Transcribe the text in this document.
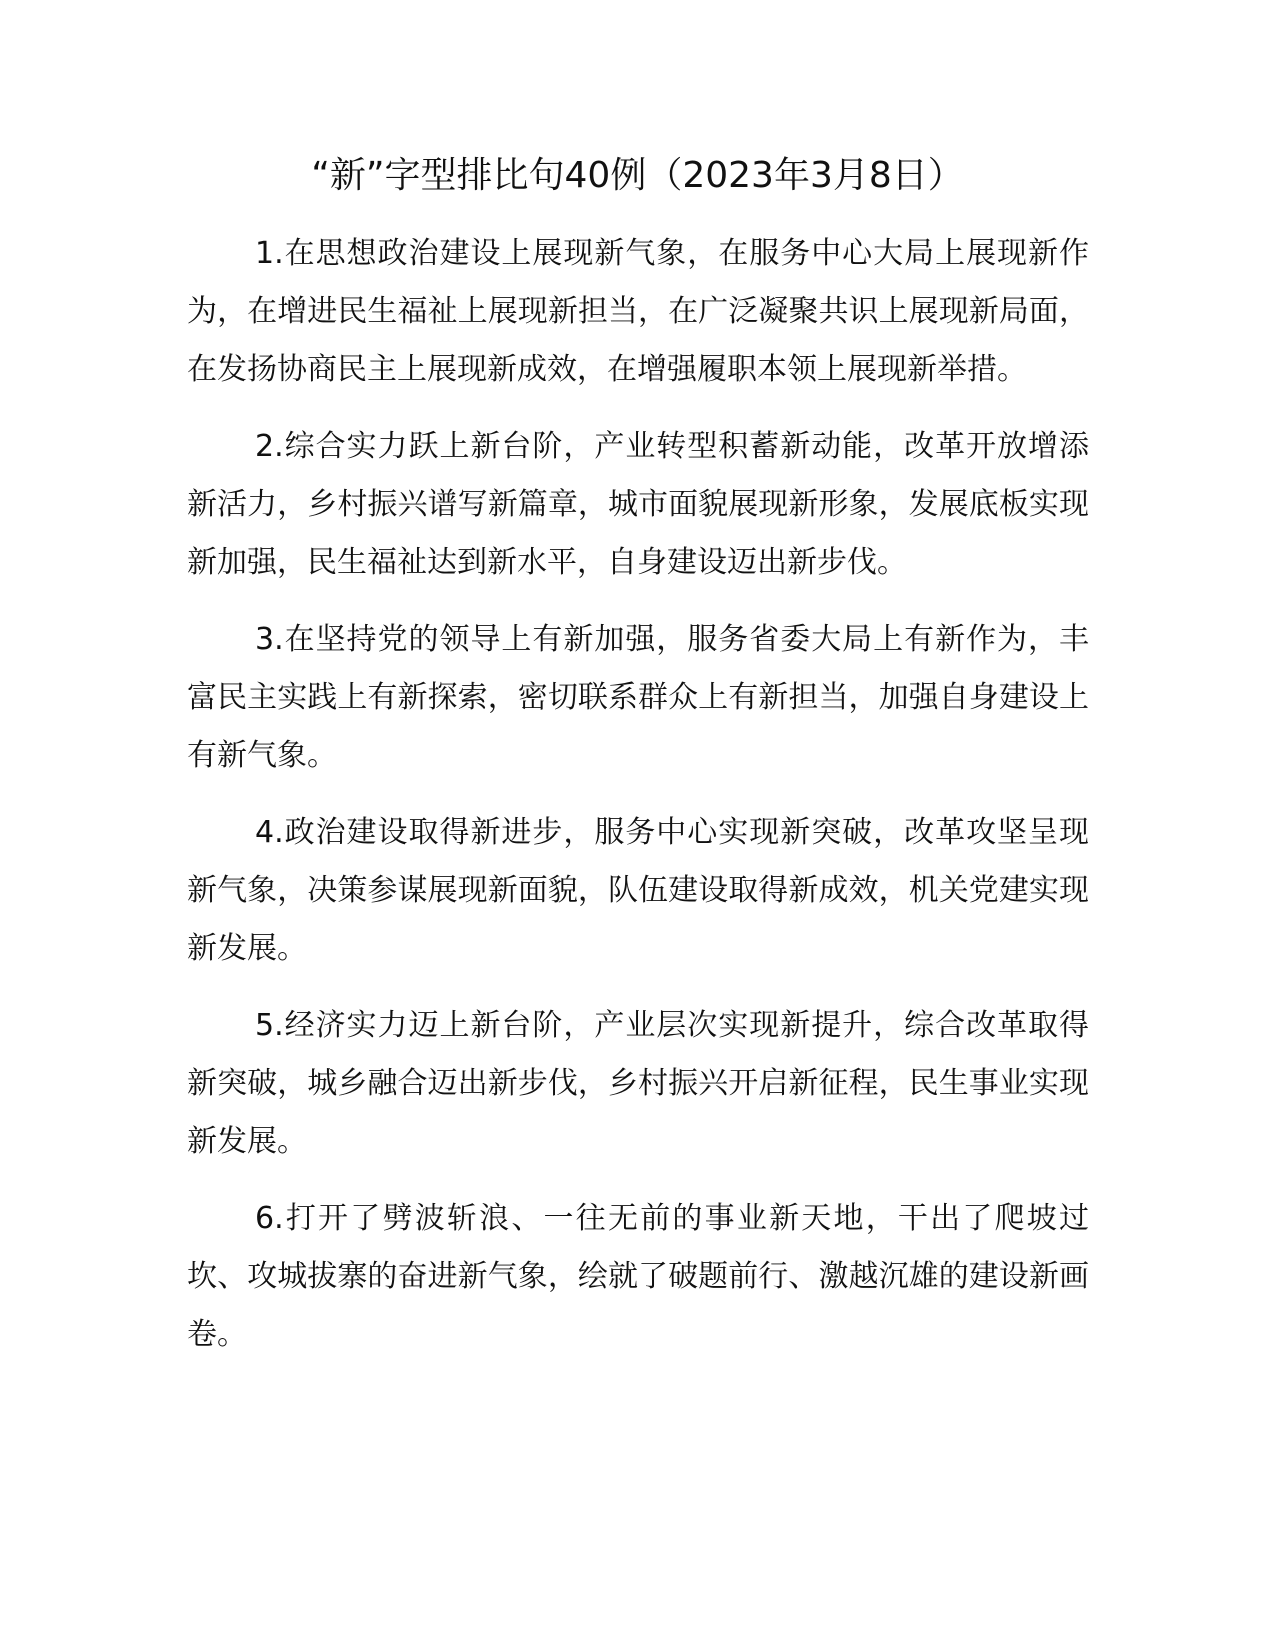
“新”字型排比句40例（2023年3月8日）

1.在思想政治建设上展现新气象，在服务中心大局上展现新作为，在增进民生福祉上展现新担当，在广泛凝聚共识上展现新局面，在发扬协商民主上展现新成效，在增强履职本领上展现新举措。

2.综合实力跃上新台阶，产业转型积蓄新动能，改革开放增添新活力，乡村振兴谱写新篇章，城市面貌展现新形象，发展底板实现新加强，民生福祉达到新水平，自身建设迈出新步伐。

3.在坚持党的领导上有新加强，服务省委大局上有新作为，丰富民主实践上有新探索，密切联系群众上有新担当，加强自身建设上有新气象。

4.政治建设取得新进步，服务中心实现新突破，改革攻坚呈现新气象，决策参谋展现新面貌，队伍建设取得新成效，机关党建实现新发展。

5.经济实力迈上新台阶，产业层次实现新提升，综合改革取得新突破，城乡融合迈出新步伐，乡村振兴开启新征程，民生事业实现新发展。

6.打开了劈波斩浪、一往无前的事业新天地，干出了爬坡过坎、攻城拔寨的奋进新气象，绘就了破题前行、激越沉雄的建设新画卷。
